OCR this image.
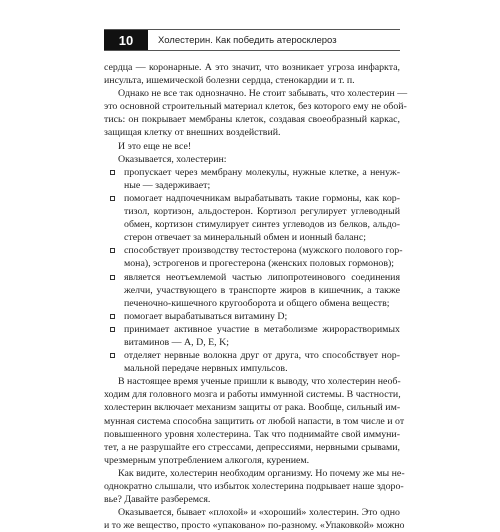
10	Холестерин. Как победить атеросклероз
сердца — коронарные. А это значит, что возникает угроза инфаркта,
инсульта, ишемической болезни сердца, стенокардии и т. п.
Однако не все так однозначно. Не стоит забывать, что холестерин —
это основной строительный материал клеток, без которого ему не обой-
тись: он покрывает мембраны клеток, создавая своеобразный каркас,
защищая клетку от внешних воздействий.
И это еще не все!
Оказывается, холестерин:
пропускает через мембрану молекулы, нужные клетке, а ненуж-
ные — задерживает;
помогает надпочечникам вырабатывать такие гормоны, как кор-
тизол, кортизон, альдостерон. Кортизол регулирует углеводный
обмен, кортизон стимулирует синтез углеводов из белков, альдо-
стерон отвечает за минеральный обмен и ионный баланс;
способствует производству тестостерона (мужского полового гор-
мона), эстрогенов и прогестерона (женских половых гормонов);
является неотъемлемой частью липопротеинового соединения
желчи, участвующего в транспорте жиров в кишечник, а также
печеночно-кишечного кругооборота и общего обмена веществ;
помогает вырабатываться витамину D;
принимает активное участие в метаболизме жирорастворимых
витаминов — A, D, E, K;
отделяет нервные волокна друг от друга, что способствует нор-
мальной передаче нервных импульсов.
В настоящее время ученые пришли к выводу, что холестерин необ-
ходим для головного мозга и работы иммунной системы. В частности,
холестерин включает механизм защиты от рака. Вообще, сильный им-
мунная система способна защитить от любой напасти, в том числе и от
повышенного уровня холестерина. Так что поднимайте свой иммуни-
тет, а не разрушайте его стрессами, депрессиями, нервными срывами,
чрезмерным употреблением алкоголя, курением.
Как видите, холестерин необходим организму. Но почему же мы не-
однократно слышали, что избыток холестерина подрывает наше здоро-
вье? Давайте разберемся.
Оказывается, бывает «плохой» и «хороший» холестерин. Это одно
и то же вещество, просто «упаковано» по-разному. «Упаковкой» можно
